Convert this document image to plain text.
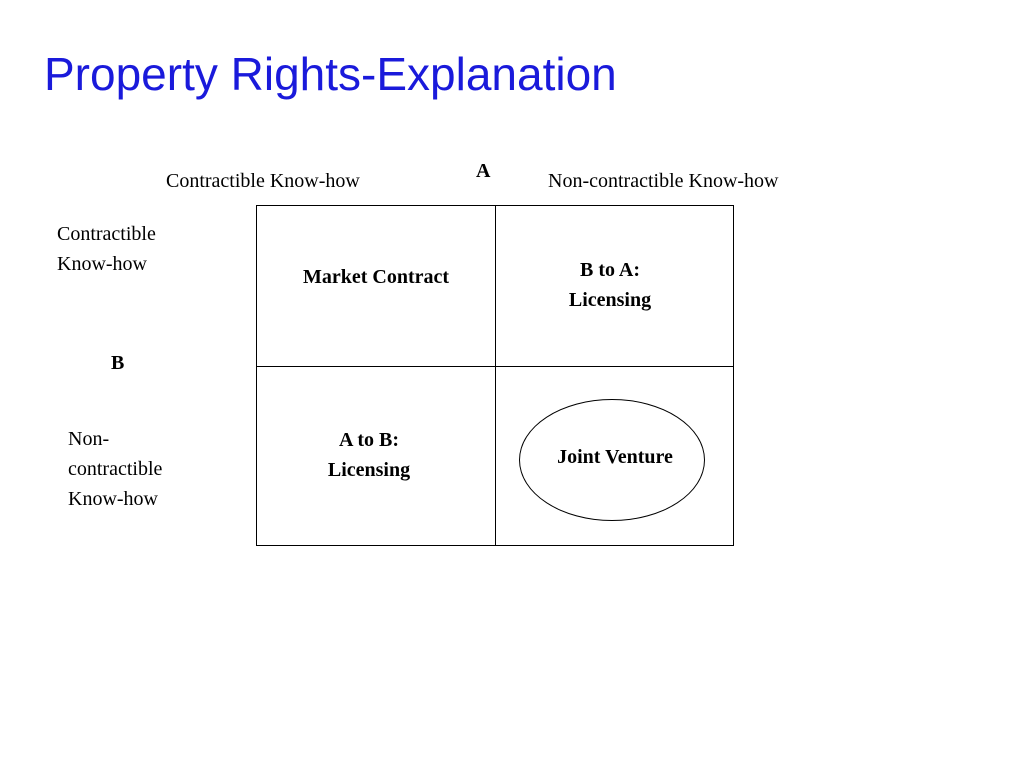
Property Rights-Explanation
A
Contractible Know-how	Non-contractible Know-how
Contractible Know-how
B
Non-contractible Know-how
Market Contract	B to A:
Licensing
A to B:
Licensing
Joint Venture
